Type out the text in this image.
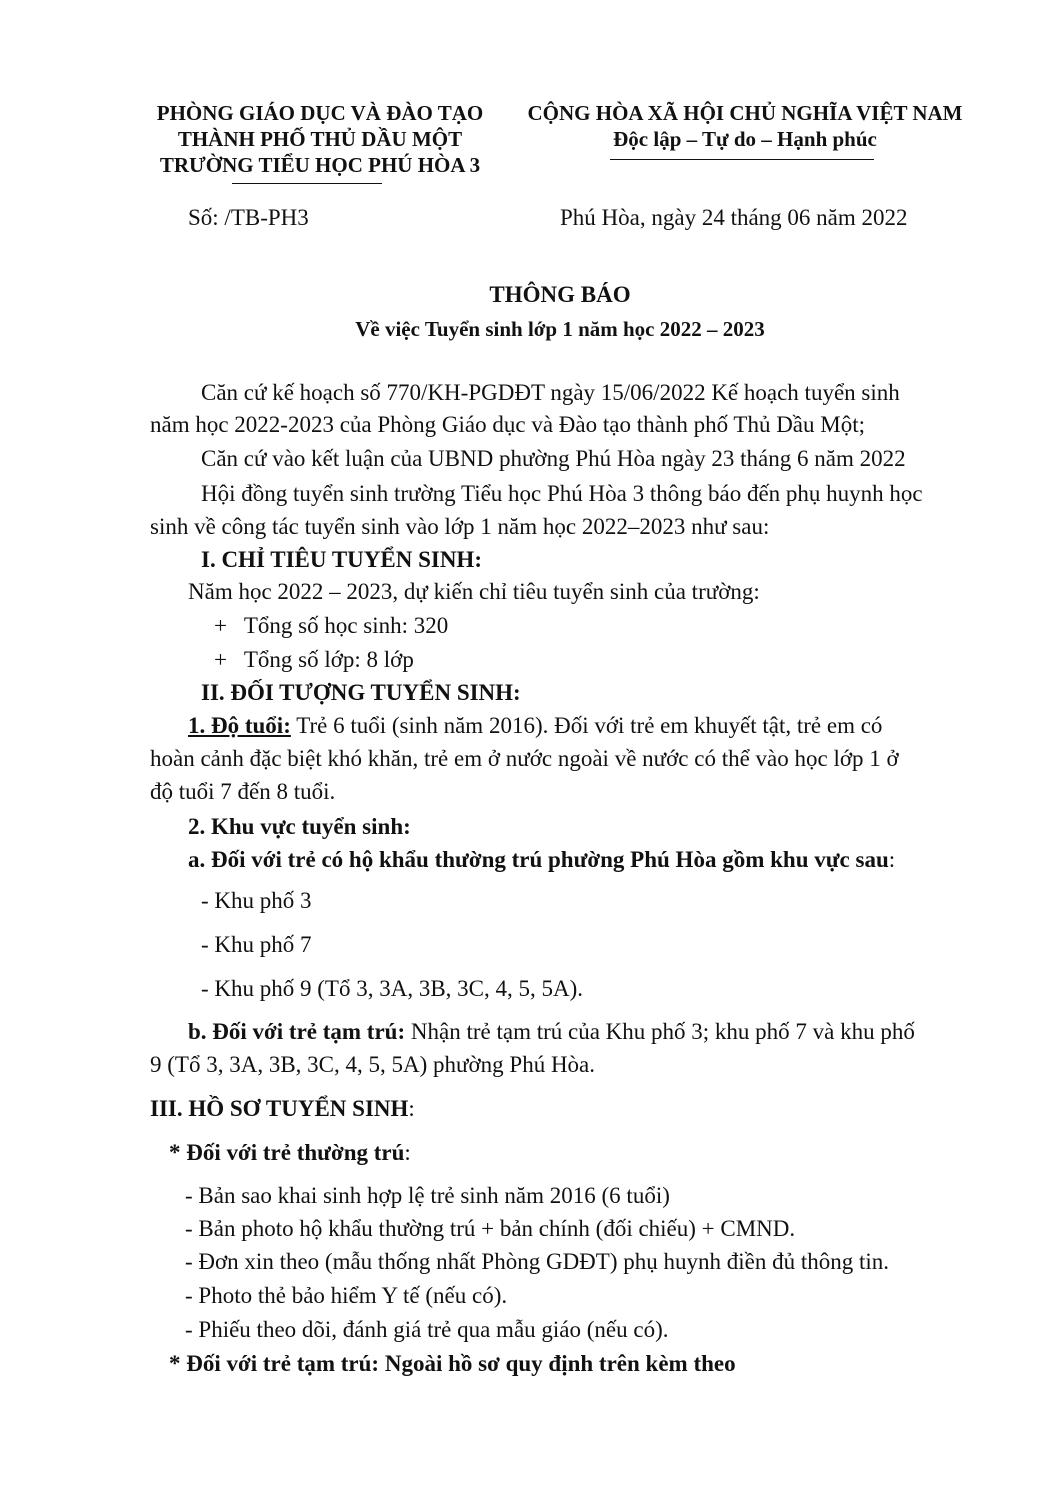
PHÒNG GIÁO DỤC VÀ ĐÀO TẠO
THÀNH PHỐ THỦ DẦU MỘT
TRƯỜNG TIỂU HỌC PHÚ HÒA 3
CỘNG HÒA XÃ HỘI CHỦ NGHĨA VIỆT NAM
Độc lập – Tự do – Hạnh phúc
Số: /TB-PH3	Phú Hòa, ngày 24 tháng 06 năm 2022
THÔNG BÁO
Về việc Tuyển sinh lớp 1 năm học 2022 – 2023
Căn cứ kế hoạch số 770/KH-PGDĐT ngày 15/06/2022 Kế hoạch tuyển sinh
năm học 2022-2023 của Phòng Giáo dục và Đào tạo thành phố Thủ Dầu Một;
Căn cứ vào kết luận của UBND phường Phú Hòa ngày 23 tháng 6 năm 2022
Hội đồng tuyển sinh trường Tiểu học Phú Hòa 3 thông báo đến phụ huynh học
sinh về công tác tuyển sinh vào lớp 1 năm học 2022–2023 như sau:
I. CHỈ TIÊU TUYỂN SINH:
Năm học 2022 – 2023, dự kiến chỉ tiêu tuyển sinh của trường:
+ Tổng số học sinh: 320
+ Tổng số lớp: 8 lớp
II. ĐỐI TƯỢNG TUYỂN SINH:
1. Độ tuổi: Trẻ 6 tuổi (sinh năm 2016). Đối với trẻ em khuyết tật, trẻ em có
hoàn cảnh đặc biệt khó khăn, trẻ em ở nước ngoài về nước có thể vào học lớp 1 ở
độ tuổi 7 đến 8 tuổi.
2. Khu vực tuyển sinh:
a. Đối với trẻ có hộ khẩu thường trú phường Phú Hòa gồm khu vực sau:
- Khu phố 3
- Khu phố 7
- Khu phố 9 (Tổ 3, 3A, 3B, 3C, 4, 5, 5A).
b. Đối với trẻ tạm trú: Nhận trẻ tạm trú của Khu phố 3; khu phố 7 và khu phố
9 (Tổ 3, 3A, 3B, 3C, 4, 5, 5A) phường Phú Hòa.
III. HỒ SƠ TUYỂN SINH:
* Đối với trẻ thường trú:
- Bản sao khai sinh hợp lệ trẻ sinh năm 2016 (6 tuổi)
- Bản photo hộ khẩu thường trú + bản chính (đối chiếu) + CMND.
- Đơn xin theo (mẫu thống nhất Phòng GDĐT) phụ huynh điền đủ thông tin.
- Photo thẻ bảo hiểm Y tế (nếu có).
- Phiếu theo dõi, đánh giá trẻ qua mẫu giáo (nếu có).
* Đối với trẻ tạm trú: Ngoài hồ sơ quy định trên kèm theo
